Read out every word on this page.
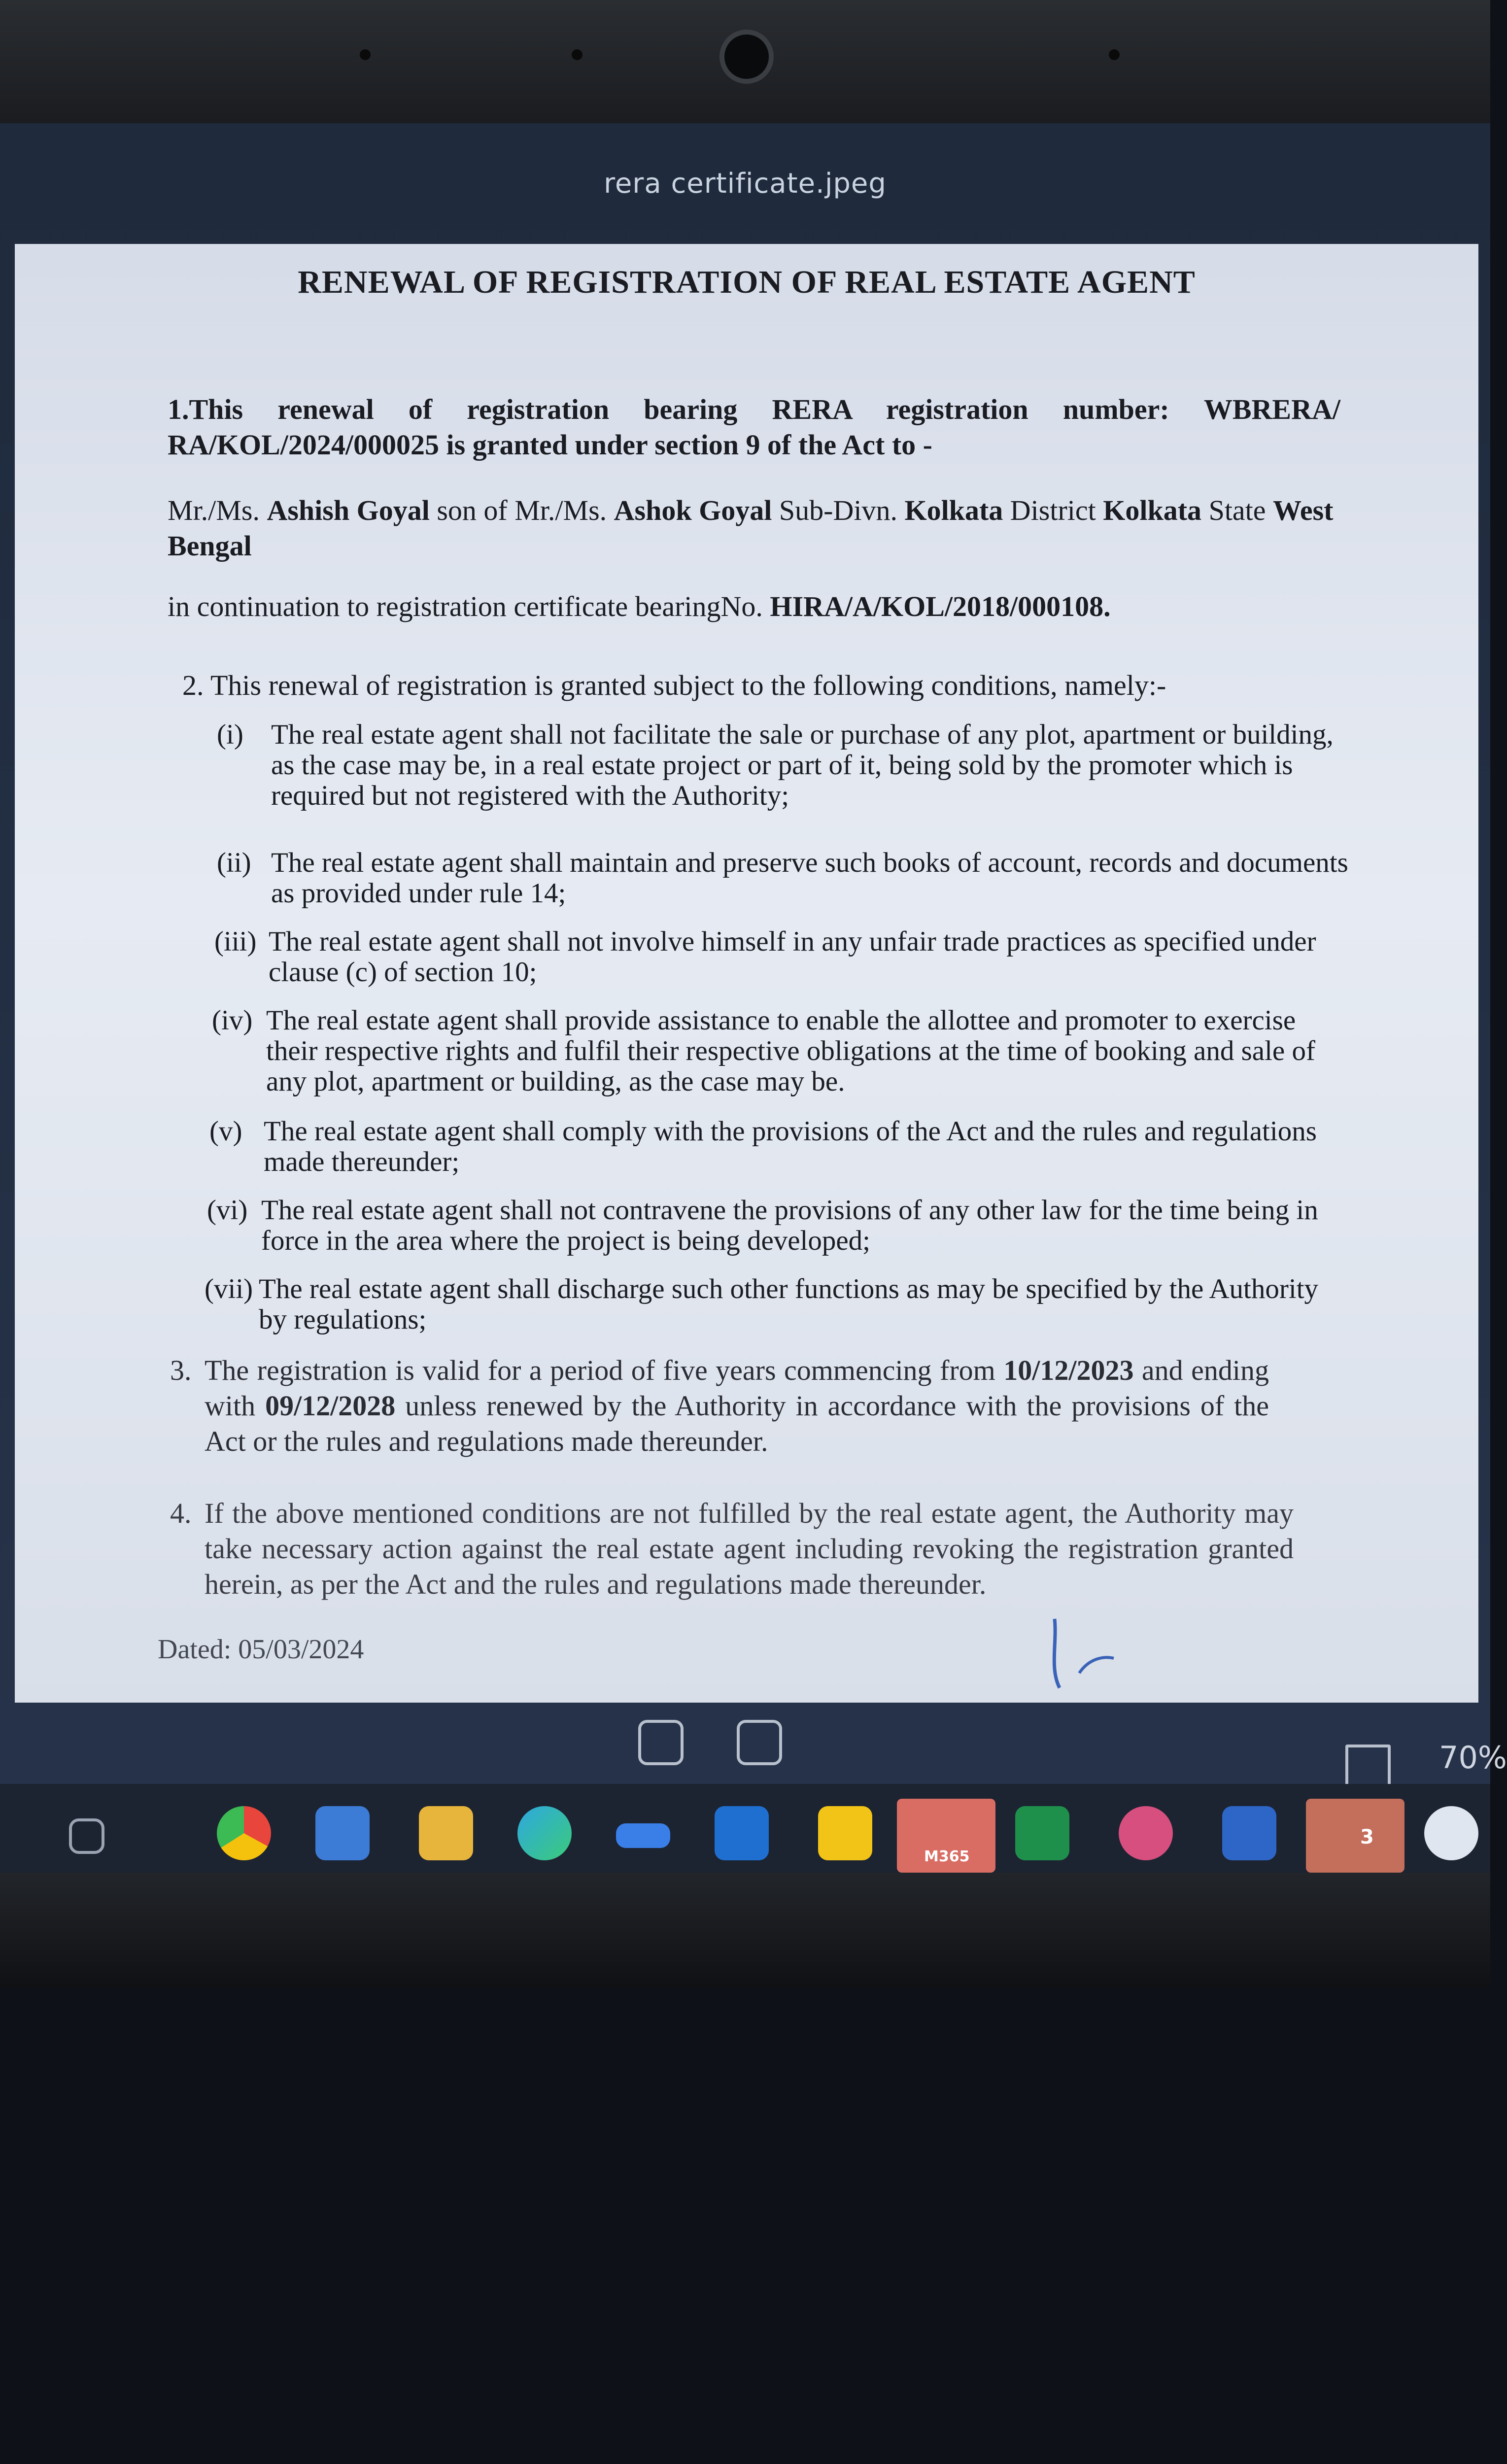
rera certificate.jpeg
RENEWAL OF REGISTRATION OF REAL ESTATE AGENT
1.This renewal of registration bearing RERA registration number: WBRERA/ RA/KOL/2024/000025 is granted under section 9 of the Act to -
Mr./Ms. Ashish Goyal son of Mr./Ms. Ashok Goyal Sub-Divn. Kolkata District Kolkata State West Bengal
in continuation to registration certificate bearingNo. HIRA/A/KOL/2018/000108.
2. This renewal of registration is granted subject to the following conditions, namely:-
(i) The real estate agent shall not facilitate the sale or purchase of any plot, apartment or building, as the case may be, in a real estate project or part of it, being sold by the promoter which is required but not registered with the Authority;
(ii) The real estate agent shall maintain and preserve such books of account, records and documents as provided under rule 14;
(iii) The real estate agent shall not involve himself in any unfair trade practices as specified under clause (c) of section 10;
(iv) The real estate agent shall provide assistance to enable the allottee and promoter to exercise their respective rights and fulfil their respective obligations at the time of booking and sale of any plot, apartment or building, as the case may be.
(v) The real estate agent shall comply with the provisions of the Act and the rules and regulations made thereunder;
(vi) The real estate agent shall not contravene the provisions of any other law for the time being in force in the area where the project is being developed;
(vii) The real estate agent shall discharge such other functions as may be specified by the Authority by regulations;
3. The registration is valid for a period of five years commencing from 10/12/2023 and ending with 09/12/2028 unless renewed by the Authority in accordance with the provisions of the Act or the rules and regulations made thereunder.
4. If the above mentioned conditions are not fulfilled by the real estate agent, the Authority may take necessary action against the real estate agent including revoking the registration granted herein, as per the Act and the rules and regulations made thereunder.
Dated: 05/03/2024
70%
M365
3
